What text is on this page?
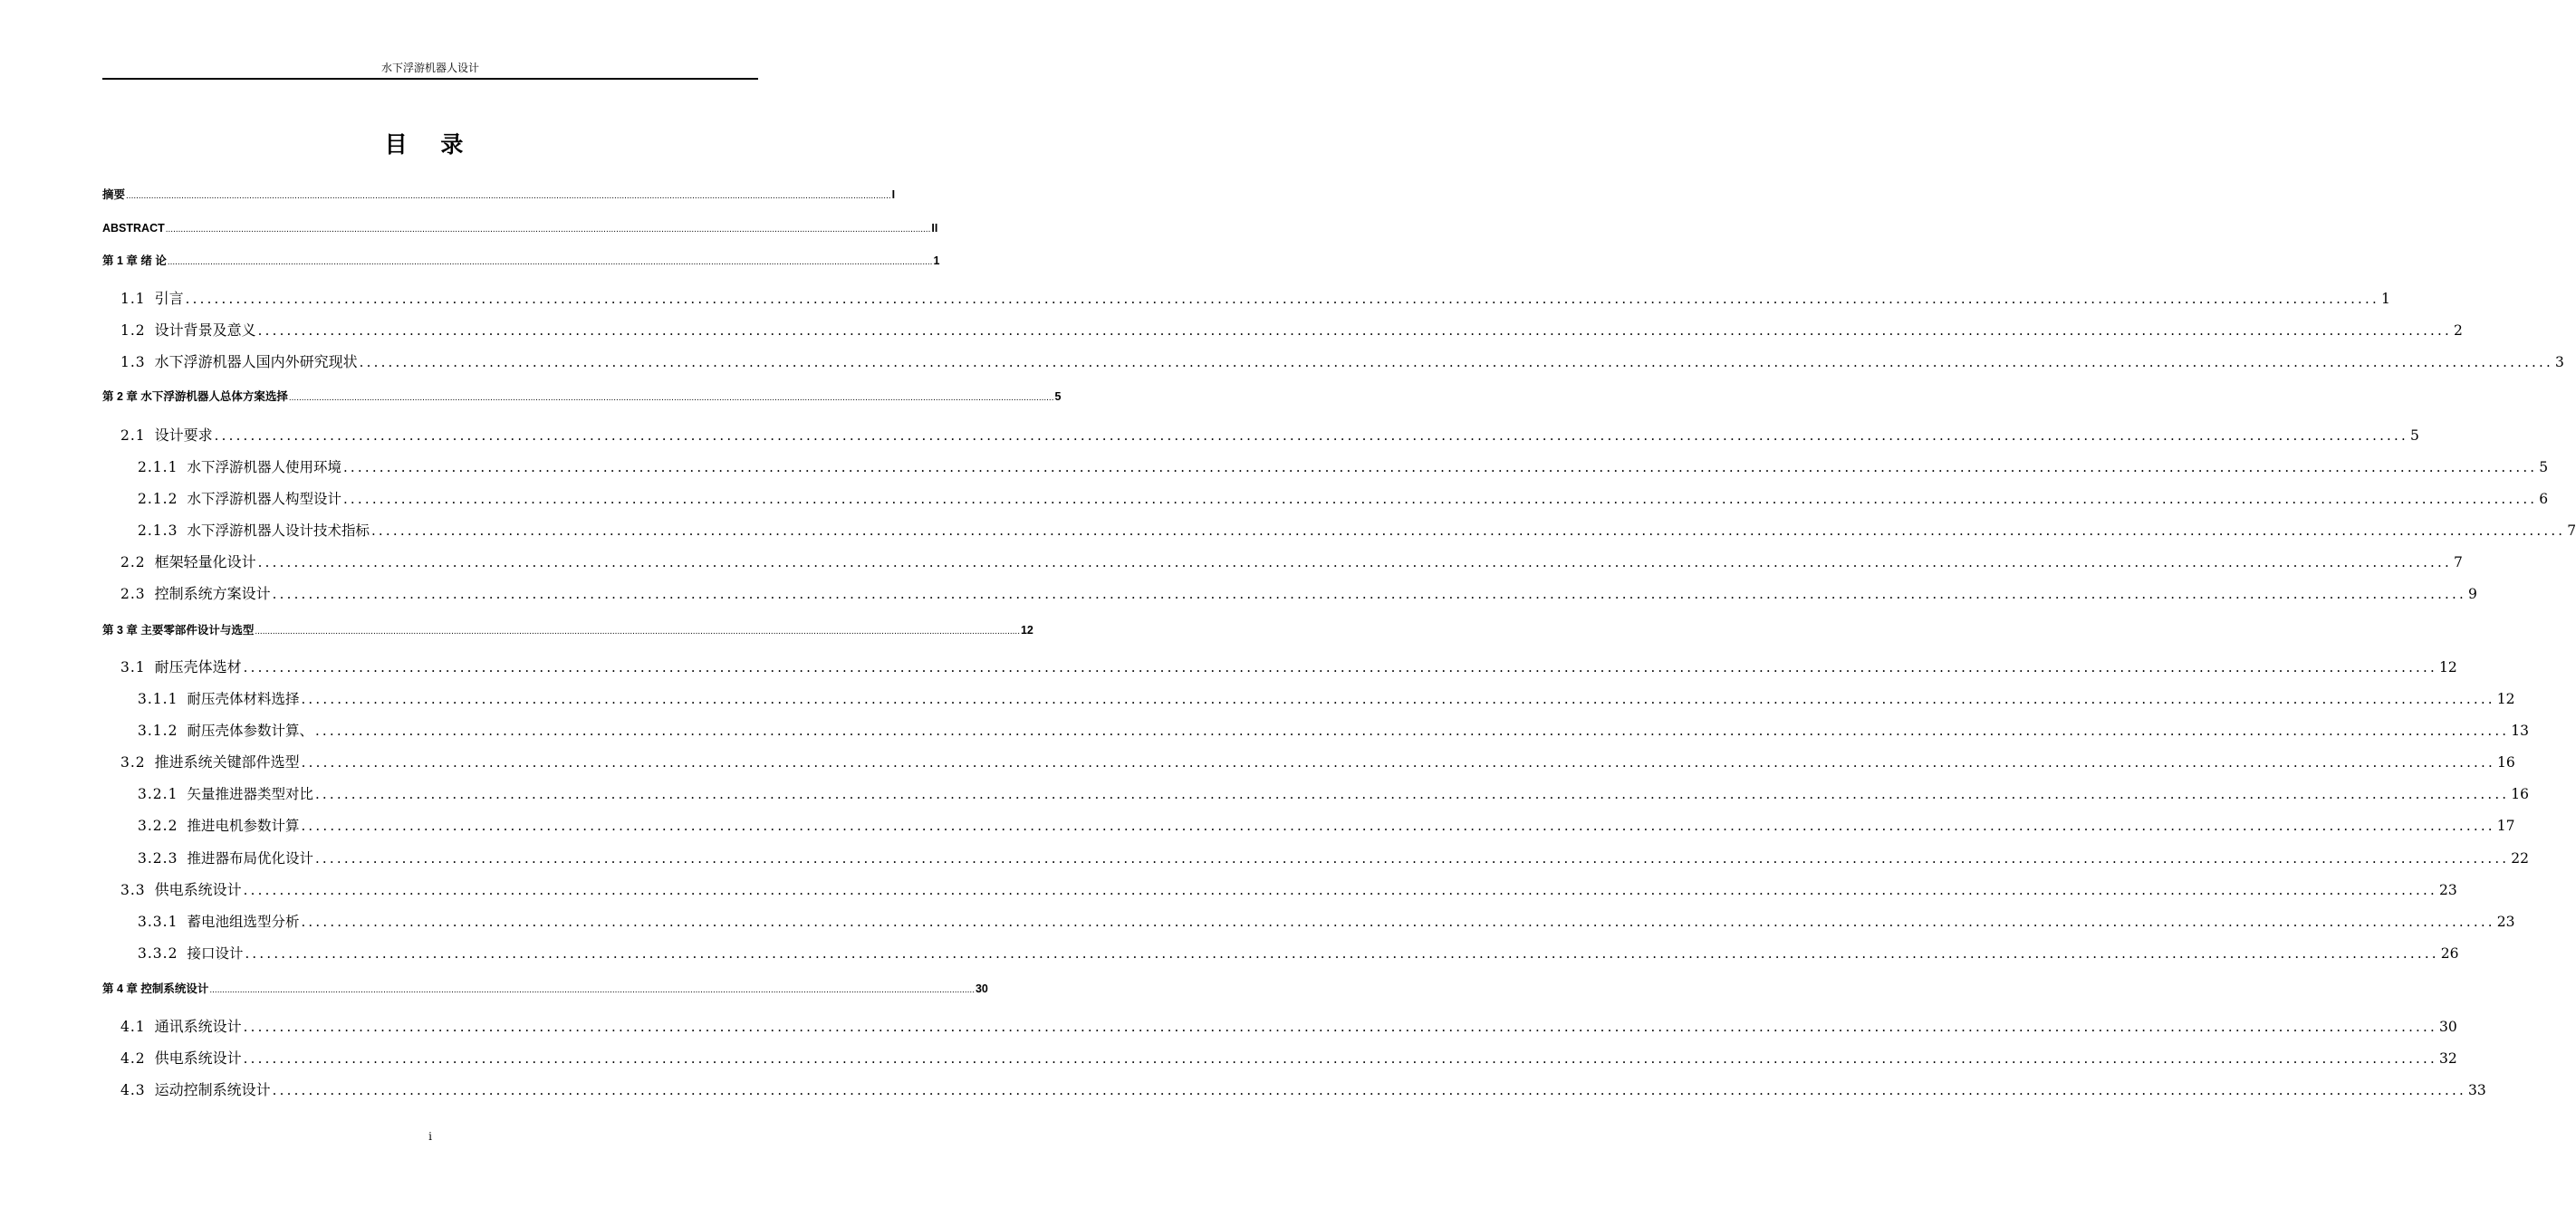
水下浮游机器人设计
目 录
摘要 ................................................................................................................................................................................................................................................................................................................ I
ABSTRACT ................................................................................................................................................................................................................................................................................................................ II
第 1 章 绪 论 ................................................................................................................................................................................................................................................................................................................ 1
1.1 引言 ................................................................................................................................................................................................................................................................................................................ 1
1.2 设计背景及意义 ................................................................................................................................................................................................................................................................................................................ 2
1.3 水下浮游机器人国内外研究现状 ................................................................................................................................................................................................................................................................................................................ 3
第 2 章 水下浮游机器人总体方案选择 ................................................................................................................................................................................................................................................................................................................ 5
2.1 设计要求 ................................................................................................................................................................................................................................................................................................................ 5
2.1.1 水下浮游机器人使用环境 ................................................................................................................................................................................................................................................................................................................ 5
2.1.2 水下浮游机器人构型设计 ................................................................................................................................................................................................................................................................................................................ 6
2.1.3 水下浮游机器人设计技术指标 ................................................................................................................................................................................................................................................................................................................ 7
2.2 框架轻量化设计 ................................................................................................................................................................................................................................................................................................................ 7
2.3 控制系统方案设计 ................................................................................................................................................................................................................................................................................................................ 9
第 3 章 主要零部件设计与选型 ................................................................................................................................................................................................................................................................................................................ 12
3.1 耐压壳体选材 ................................................................................................................................................................................................................................................................................................................ 12
3.1.1 耐压壳体材料选择 ................................................................................................................................................................................................................................................................................................................ 12
3.1.2 耐压壳体参数计算、 ................................................................................................................................................................................................................................................................................................................ 13
3.2 推进系统关键部件选型 ................................................................................................................................................................................................................................................................................................................ 16
3.2.1 矢量推进器类型对比 ................................................................................................................................................................................................................................................................................................................ 16
3.2.2 推进电机参数计算 ................................................................................................................................................................................................................................................................................................................ 17
3.2.3 推进器布局优化设计 ................................................................................................................................................................................................................................................................................................................ 22
3.3 供电系统设计 ................................................................................................................................................................................................................................................................................................................ 23
3.3.1 蓄电池组选型分析 ................................................................................................................................................................................................................................................................................................................ 23
3.3.2 接口设计 ................................................................................................................................................................................................................................................................................................................ 26
第 4 章 控制系统设计 ................................................................................................................................................................................................................................................................................................................ 30
4.1 通讯系统设计 ................................................................................................................................................................................................................................................................................................................ 30
4.2 供电系统设计 ................................................................................................................................................................................................................................................................................................................ 32
4.3 运动控制系统设计 ................................................................................................................................................................................................................................................................................................................ 33
i
